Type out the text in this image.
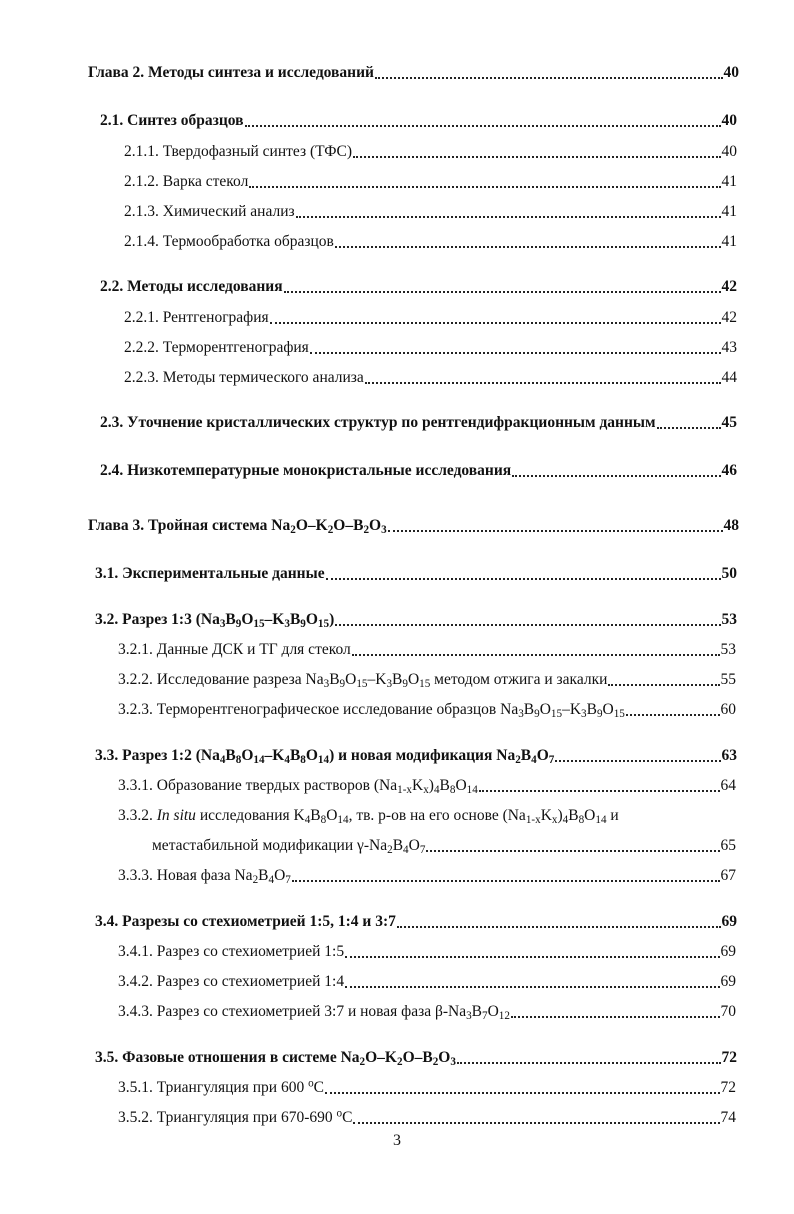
Глава 2. Методы синтеза и исследований	40
2.1. Синтез образцов	40
2.1.1. Твердофазный синтез (ТФС)	40
2.1.2. Варка стекол	41
2.1.3. Химический анализ	41
2.1.4. Термообработка образцов	41
2.2. Методы исследования	42
2.2.1. Рентгенография	42
2.2.2. Терморентгенография	43
2.2.3. Методы термического анализа	44
2.3. Уточнение кристаллических структур по рентгендифракционным данным	45
2.4. Низкотемпературные монокристальные исследования	46
Глава 3. Тройная система $Na_2O-K_2O-B_2O_3$	48
3.1. Экспериментальные данные	50
3.2. Разрез 1:3 $(Na_3B_9O_{15}-K_3B_9O_{15})$	53
3.2.1. Данные ДСК и ТГ для стекол	53
3.2.2. Исследование разреза $Na_3B_9O_{15}-K_3B_9O_{15}$ методом отжига и закалки	55
3.2.3. Терморентгенографическое исследование образцов $Na_3B_9O_{15}-K_3B_9O_{15}$	60
3.3. Разрез 1:2 $(Na_4B_8O_{14}-K_4B_8O_{14})$ и новая модификация $Na_2B_4O_7$	63
3.3.1. Образование твердых растворов $(Na_{1-x}K_x)_4B_8O_{14}$	64
3.3.2. In situ исследования $K_4B_8O_{14}$, тв. р-ов на его основе $(Na_{1-x}K_x)_4B_8O_{14}$ и
метастабильной модификации $\gamma-Na_2B_4O_7$	65
3.3.3. Новая фаза $Na_2B_4O_7$	67
3.4. Разрезы со стехиометрией 1:5, 1:4 и 3:7	69
3.4.1. Разрез со стехиометрией 1:5	69
3.4.2. Разрез со стехиометрией 1:4	69
3.4.3. Разрез со стехиометрией 3:7 и новая фаза $\beta-Na_3B_7O_{12}$	70
3.5. Фазовые отношения в системе $Na_2O-K_2O-B_2O_3$	72
3.5.1. Триангуляция при 600 $^o$C	72
3.5.2. Триангуляция при 670-690 $^o$C	74
3
